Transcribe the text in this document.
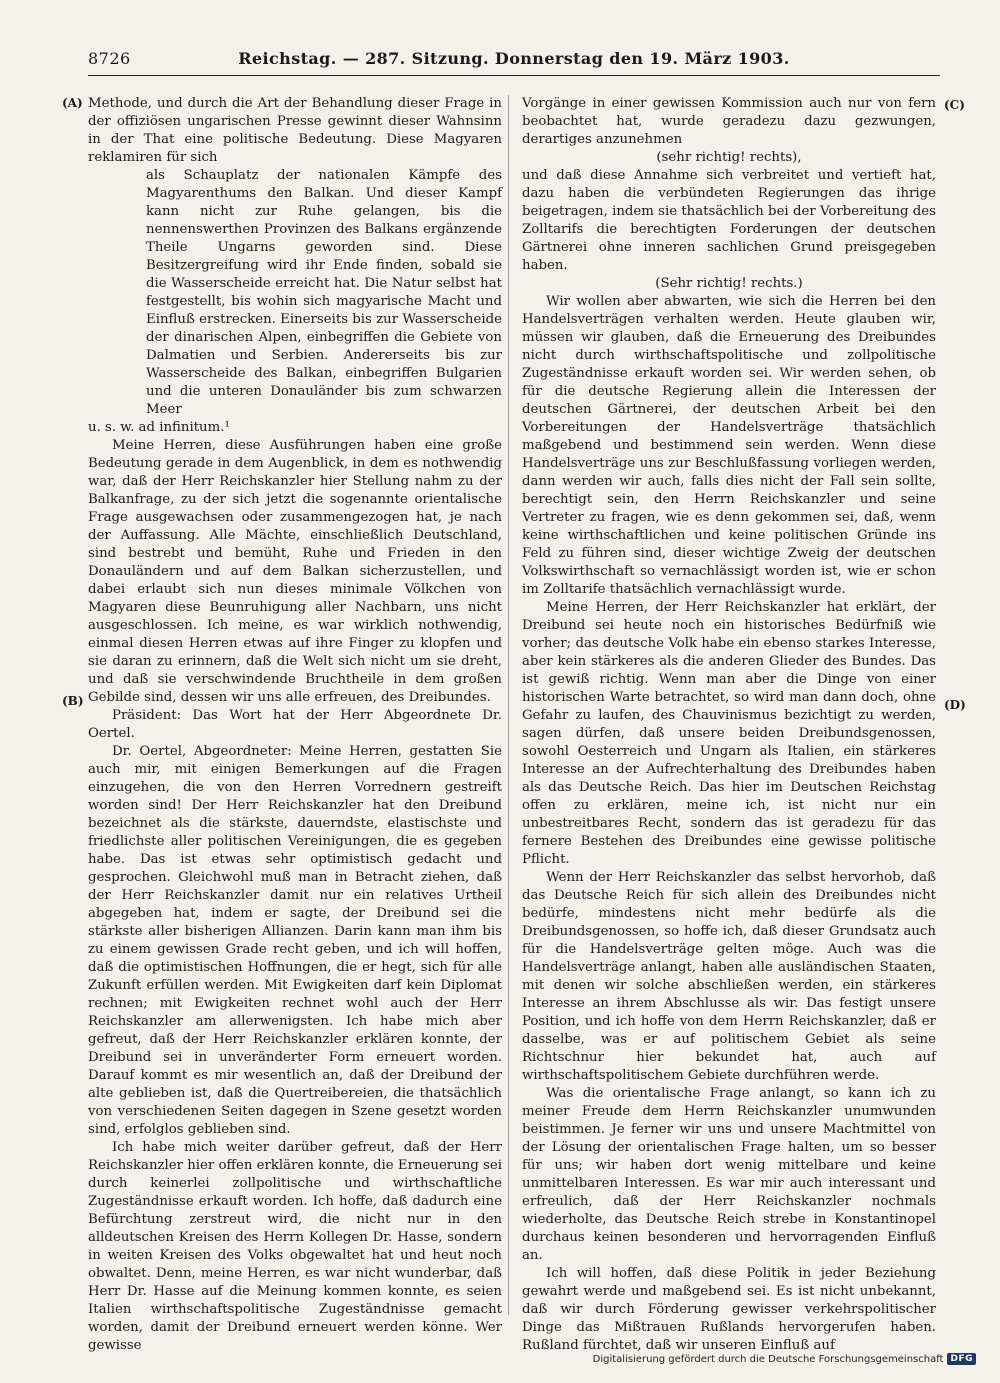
8726	Reichstag. — 287. Sitzung. Donnerstag den 19. März 1903.
(A)
(B)
(C)
(D)

Methode, und durch die Art der Behandlung dieser Frage in der offiziösen ungarischen Presse gewinnt dieser Wahnsinn in der That eine politische Bedeutung. Diese Magyaren reklamiren für sich

als Schauplatz der nationalen Kämpfe des Magyarenthums den Balkan. Und dieser Kampf kann nicht zur Ruhe gelangen, bis die nennenswerthen Provinzen des Balkans ergänzende Theile Ungarns geworden sind. Diese Besitzergreifung wird ihr Ende finden, sobald sie die Wasserscheide erreicht hat. Die Natur selbst hat festgestellt, bis wohin sich magyarische Macht und Einfluß erstrecken. Einerseits bis zur Wasserscheide der dinarischen Alpen, einbegriffen die Gebiete von Dalmatien und Serbien. Andererseits bis zur Wasserscheide des Balkan, einbegriffen Bulgarien und die unteren Donauländer bis zum schwarzen Meer

u. s. w. ad infinitum.¹

Meine Herren, diese Ausführungen haben eine große Bedeutung gerade in dem Augenblick, in dem es nothwendig war, daß der Herr Reichskanzler hier Stellung nahm zu der Balkanfrage, zu der sich jetzt die sogenannte orientalische Frage ausgewachsen oder zusammengezogen hat, je nach der Auffassung. Alle Mächte, einschließlich Deutschland, sind bestrebt und bemüht, Ruhe und Frieden in den Donauländern und auf dem Balkan sicherzustellen, und dabei erlaubt sich nun dieses minimale Völkchen von Magyaren diese Beunruhigung aller Nachbarn, uns nicht ausgeschlossen. Ich meine, es war wirklich nothwendig, einmal diesen Herren etwas auf ihre Finger zu klopfen und sie daran zu erinnern, daß die Welt sich nicht um sie dreht, und daß sie verschwindende Bruchtheile in dem großen Gebilde sind, dessen wir uns alle erfreuen, des Dreibundes.

Präsident: Das Wort hat der Herr Abgeordnete Dr. Oertel.

Dr. Oertel, Abgeordneter: Meine Herren, gestatten Sie auch mir, mit einigen Bemerkungen auf die Fragen einzugehen, die von den Herren Vorrednern gestreift worden sind! Der Herr Reichskanzler hat den Dreibund bezeichnet als die stärkste, dauerndste, elastischste und friedlichste aller politischen Vereinigungen, die es gegeben habe. Das ist etwas sehr optimistisch gedacht und gesprochen. Gleichwohl muß man in Betracht ziehen, daß der Herr Reichskanzler damit nur ein relatives Urtheil abgegeben hat, indem er sagte, der Dreibund sei die stärkste aller bisherigen Allianzen. Darin kann man ihm bis zu einem gewissen Grade recht geben, und ich will hoffen, daß die optimistischen Hoffnungen, die er hegt, sich für alle Zukunft erfüllen werden. Mit Ewigkeiten darf kein Diplomat rechnen; mit Ewigkeiten rechnet wohl auch der Herr Reichskanzler am allerwenigsten. Ich habe mich aber gefreut, daß der Herr Reichskanzler erklären konnte, der Dreibund sei in unveränderter Form erneuert worden. Darauf kommt es mir wesentlich an, daß der Dreibund der alte geblieben ist, daß die Quertreibereien, die thatsächlich von verschiedenen Seiten dagegen in Szene gesetzt worden sind, erfolglos geblieben sind.

Ich habe mich weiter darüber gefreut, daß der Herr Reichskanzler hier offen erklären konnte, die Erneuerung sei durch keinerlei zollpolitische und wirthschaftliche Zugeständnisse erkauft worden. Ich hoffe, daß dadurch eine Befürchtung zerstreut wird, die nicht nur in den alldeutschen Kreisen des Herrn Kollegen Dr. Hasse, sondern in weiten Kreisen des Volks obgewaltet hat und heut noch obwaltet. Denn, meine Herren, es war nicht wunderbar, daß Herr Dr. Hasse auf die Meinung kommen konnte, es seien Italien wirthschaftspolitische Zugeständnisse gemacht worden, damit der Dreibund erneuert werden könne. Wer gewisse

Vorgänge in einer gewissen Kommission auch nur von fern beobachtet hat, wurde geradezu dazu gezwungen, derartiges anzunehmen

(sehr richtig! rechts),

und daß diese Annahme sich verbreitet und vertieft hat, dazu haben die verbündeten Regierungen das ihrige beigetragen, indem sie thatsächlich bei der Vorbereitung des Zolltarifs die berechtigten Forderungen der deutschen Gärtnerei ohne inneren sachlichen Grund preisgegeben haben.

(Sehr richtig! rechts.)

Wir wollen aber abwarten, wie sich die Herren bei den Handelsverträgen verhalten werden. Heute glauben wir, müssen wir glauben, daß die Erneuerung des Dreibundes nicht durch wirthschaftspolitische und zollpolitische Zugeständnisse erkauft worden sei. Wir werden sehen, ob für die deutsche Regierung allein die Interessen der deutschen Gärtnerei, der deutschen Arbeit bei den Vorbereitungen der Handelsverträge thatsächlich maßgebend und bestimmend sein werden. Wenn diese Handelsverträge uns zur Beschlußfassung vorliegen werden, dann werden wir auch, falls dies nicht der Fall sein sollte, berechtigt sein, den Herrn Reichskanzler und seine Vertreter zu fragen, wie es denn gekommen sei, daß, wenn keine wirthschaftlichen und keine politischen Gründe ins Feld zu führen sind, dieser wichtige Zweig der deutschen Volkswirthschaft so vernachlässigt worden ist, wie er schon im Zolltarife thatsächlich vernachlässigt wurde.

Meine Herren, der Herr Reichskanzler hat erklärt, der Dreibund sei heute noch ein historisches Bedürfniß wie vorher; das deutsche Volk habe ein ebenso starkes Interesse, aber kein stärkeres als die anderen Glieder des Bundes. Das ist gewiß richtig. Wenn man aber die Dinge von einer historischen Warte betrachtet, so wird man dann doch, ohne Gefahr zu laufen, des Chauvinismus bezichtigt zu werden, sagen dürfen, daß unsere beiden Dreibundsgenossen, sowohl Oesterreich und Ungarn als Italien, ein stärkeres Interesse an der Aufrechterhaltung des Dreibundes haben als das Deutsche Reich. Das hier im Deutschen Reichstag offen zu erklären, meine ich, ist nicht nur ein unbestreitbares Recht, sondern das ist geradezu für das fernere Bestehen des Dreibundes eine gewisse politische Pflicht.

Wenn der Herr Reichskanzler das selbst hervorhob, daß das Deutsche Reich für sich allein des Dreibundes nicht bedürfe, mindestens nicht mehr bedürfe als die Dreibundsgenossen, so hoffe ich, daß dieser Grundsatz auch für die Handelsverträge gelten möge. Auch was die Handelsverträge anlangt, haben alle ausländischen Staaten, mit denen wir solche abschließen werden, ein stärkeres Interesse an ihrem Abschlusse als wir. Das festigt unsere Position, und ich hoffe von dem Herrn Reichskanzler, daß er dasselbe, was er auf politischem Gebiet als seine Richtschnur hier bekundet hat, auch auf wirthschaftspolitischem Gebiete durchführen werde.

Was die orientalische Frage anlangt, so kann ich zu meiner Freude dem Herrn Reichskanzler unumwunden beistimmen. Je ferner wir uns und unsere Machtmittel von der Lösung der orientalischen Frage halten, um so besser für uns; wir haben dort wenig mittelbare und keine unmittelbaren Interessen. Es war mir auch interessant und erfreulich, daß der Herr Reichskanzler nochmals wiederholte, das Deutsche Reich strebe in Konstantinopel durchaus keinen besonderen und hervorragenden Einfluß an.

Ich will hoffen, daß diese Politik in jeder Beziehung gewahrt werde und maßgebend sei. Es ist nicht unbekannt, daß wir durch Förderung gewisser verkehrspolitischer Dinge das Mißtrauen Rußlands hervorgerufen haben. Rußland fürchtet, daß wir unseren Einfluß auf

Digitalisierung gefördert durch die Deutsche Forschungsgemeinschaft DFG
